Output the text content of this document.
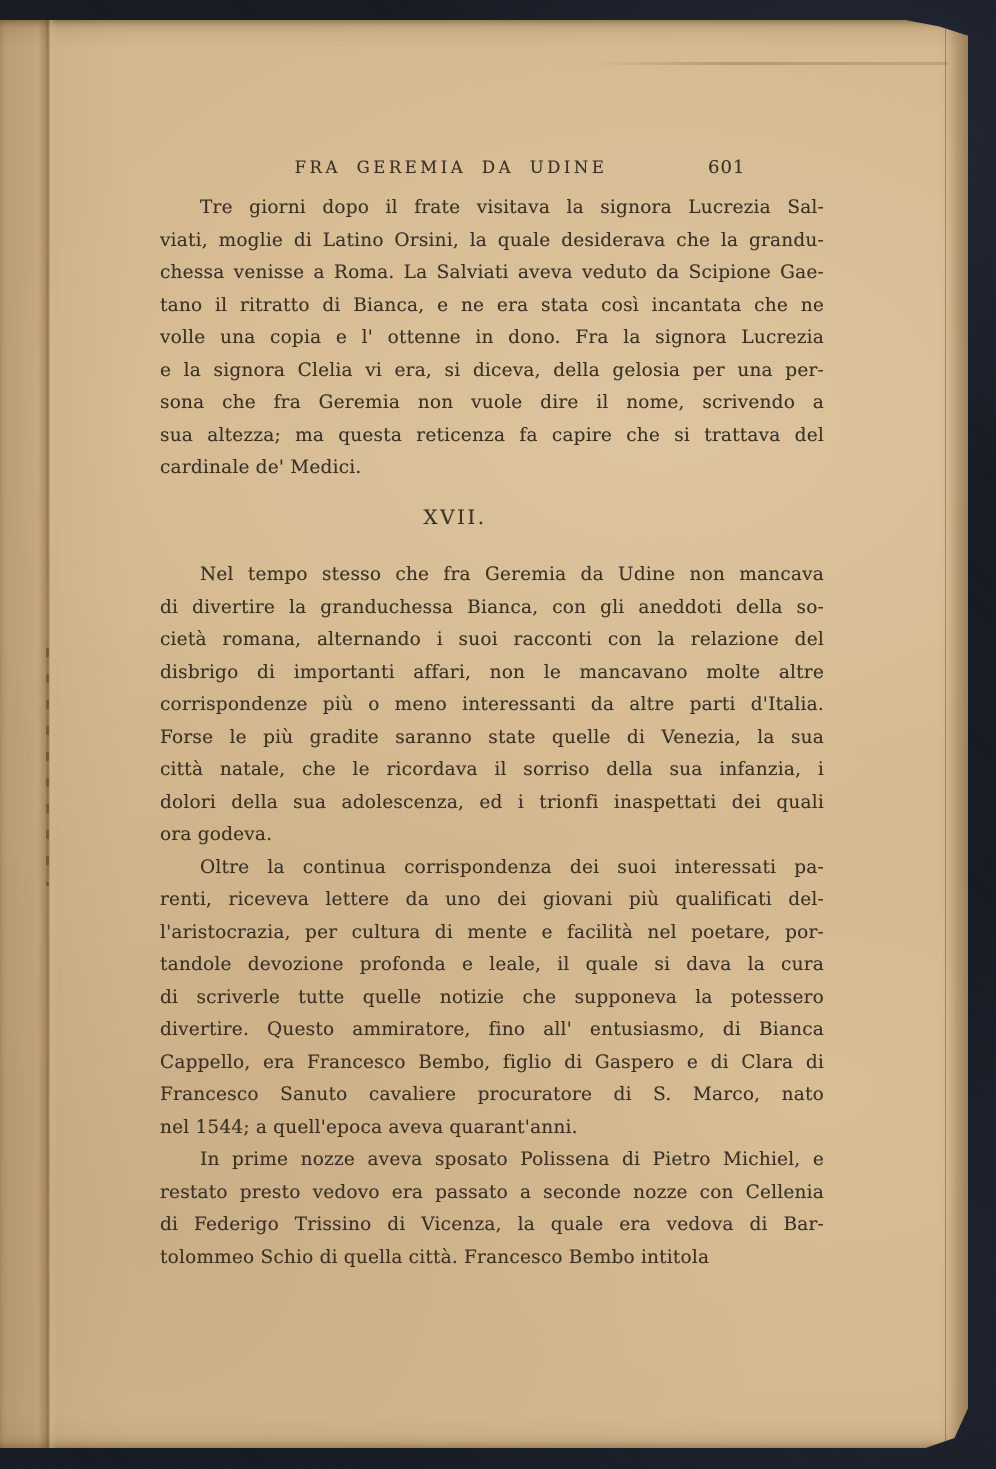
FRA GEREMIA DA UDINE	601
Tre giorni dopo il frate visitava la signora Lucrezia Sal-
viati, moglie di Latino Orsini, la quale desiderava che la grandu-
chessa venisse a Roma. La Salviati aveva veduto da Scipione Gae-
tano il ritratto di Bianca, e ne era stata così incantata che ne
volle una copia e l' ottenne in dono. Fra la signora Lucrezia
e la signora Clelia vi era, si diceva, della gelosia per una per-
sona che fra Geremia non vuole dire il nome, scrivendo a
sua altezza; ma questa reticenza fa capire che si trattava del
cardinale de' Medici.
XVII.
Nel tempo stesso che fra Geremia da Udine non mancava
di divertire la granduchessa Bianca, con gli aneddoti della so-
cietà romana, alternando i suoi racconti con la relazione del
disbrigo di importanti affari, non le mancavano molte altre
corrispondenze più o meno interessanti da altre parti d'Italia.
Forse le più gradite saranno state quelle di Venezia, la sua
città natale, che le ricordava il sorriso della sua infanzia, i
dolori della sua adolescenza, ed i trionfi inaspettati dei quali
ora godeva.
Oltre la continua corrispondenza dei suoi interessati pa-
renti, riceveva lettere da uno dei giovani più qualificati del-
l'aristocrazia, per cultura di mente e facilità nel poetare, por-
tandole devozione profonda e leale, il quale si dava la cura
di scriverle tutte quelle notizie che supponeva la potessero
divertire. Questo ammiratore, fino all' entusiasmo, di Bianca
Cappello, era Francesco Bembo, figlio di Gaspero e di Clara di
Francesco Sanuto cavaliere procuratore di S. Marco, nato
nel 1544; a quell'epoca aveva quarant'anni.
In prime nozze aveva sposato Polissena di Pietro Michiel, e
restato presto vedovo era passato a seconde nozze con Cellenia
di Federigo Trissino di Vicenza, la quale era vedova di Bar-
tolommeo Schio di quella città. Francesco Bembo intitola
